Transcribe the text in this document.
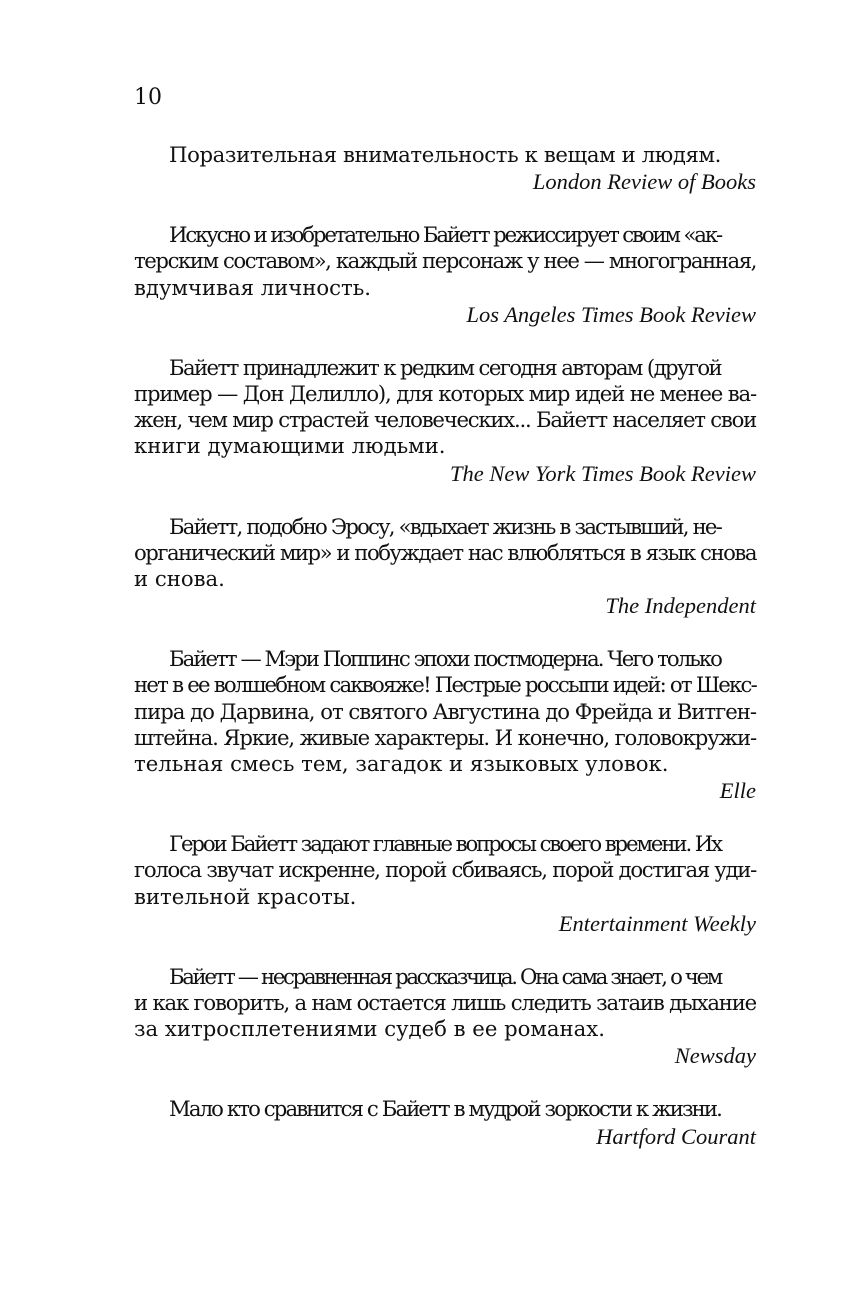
10
Поразительная внимательность к вещам и людям.
London Review of Books
Искусно и изобретательно Байетт режиссирует своим «ак-
терским составом», каждый персонаж у нее — многогранная,
вдумчивая личность.
Los Angeles Times Book Review
Байетт принадлежит к редким сегодня авторам (другой
пример — Дон Делилло), для которых мир идей не менее ва-
жен, чем мир страстей человеческих... Байетт населяет свои
книги думающими людьми.
The New York Times Book Review
Байетт, подобно Эросу, «вдыхает жизнь в застывший, не-
органический мир» и побуждает нас влюбляться в язык снова
и снова.
The Independent
Байетт — Мэри Поппинс эпохи постмодерна. Чего только
нет в ее волшебном саквояже! Пестрые россыпи идей: от Шекс-
пира до Дарвина, от святого Августина до Фрейда и Витген-
штейна. Яркие, живые характеры. И конечно, головокружи-
тельная смесь тем, загадок и языковых уловок.
Elle
Герои Байетт задают главные вопросы своего времени. Их
голоса звучат искренне, порой сбиваясь, порой достигая уди-
вительной красоты.
Entertainment Weekly
Байетт — несравненная рассказчица. Она сама знает, о чем
и как говорить, а нам остается лишь следить затаив дыхание
за хитросплетениями судеб в ее романах.
Newsday
Мало кто сравнится с Байетт в мудрой зоркости к жизни.
Hartford Courant
